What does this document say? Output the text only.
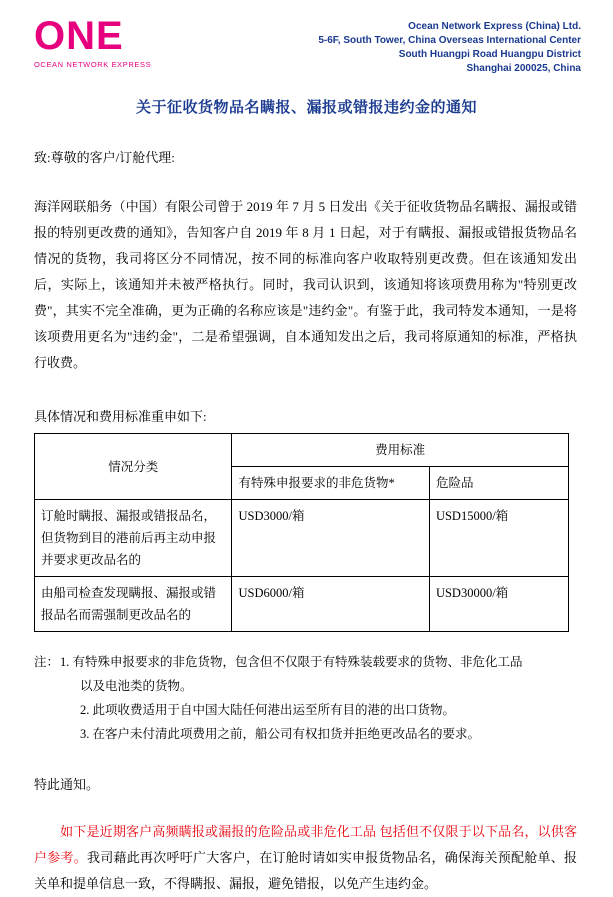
ONE
OCEAN NETWORK EXPRESS
Ocean Network Express (China) Ltd.
5-6F, South Tower, China Overseas International Center
South Huangpi Road Huangpu District
Shanghai 200025, China
关于征收货物品名瞒报、漏报或错报违约金的通知
致:尊敬的客户/订舱代理:
海洋网联船务（中国）有限公司曾于 2019 年 7 月 5 日发出《关于征收货物品名瞒报、漏报或错报的特别更改费的通知》，告知客户自 2019 年 8 月 1 日起，对于有瞒报、漏报或错报货物品名情况的货物，我司将区分不同情况，按不同的标准向客户收取特别更改费。但在该通知发出后，实际上，该通知并未被严格执行。同时，我司认识到，该通知将该项费用称为"特别更改费"，其实不完全准确，更为正确的名称应该是"违约金"。有鉴于此，我司特发本通知，一是将该项费用更名为"违约金"，二是希望强调，自本通知发出之后，我司将原通知的标准，严格执行收费。
具体情况和费用标准重申如下:
情况分类	费用标准	
	有特殊申报要求的非危货物*	危险品
订舱时瞒报、漏报或错报品名，但货物到目的港前后再主动申报并要求更改品名的	USD3000/箱	USD15000/箱
由船司检查发现瞒报、漏报或错报品名而需强制更改品名的	USD6000/箱	USD30000/箱
注： 1. 有特殊申报要求的非危货物，包含但不仅限于有特殊装载要求的货物、非危化工品
以及电池类的货物。
2. 此项收费适用于自中国大陆任何港出运至所有目的港的出口货物。
3. 在客户未付清此项费用之前，船公司有权扣货并拒绝更改品名的要求。
特此通知。
如下是近期客户高频瞒报或漏报的危险品或非危化工品 包括但不仅限于以下品名，以供客户参考。我司藉此再次呼吁广大客户，在订舱时请如实申报货物品名，确保海关预配舱单、报关单和提单信息一致，不得瞒报、漏报，避免错报，以免产生违约金。
